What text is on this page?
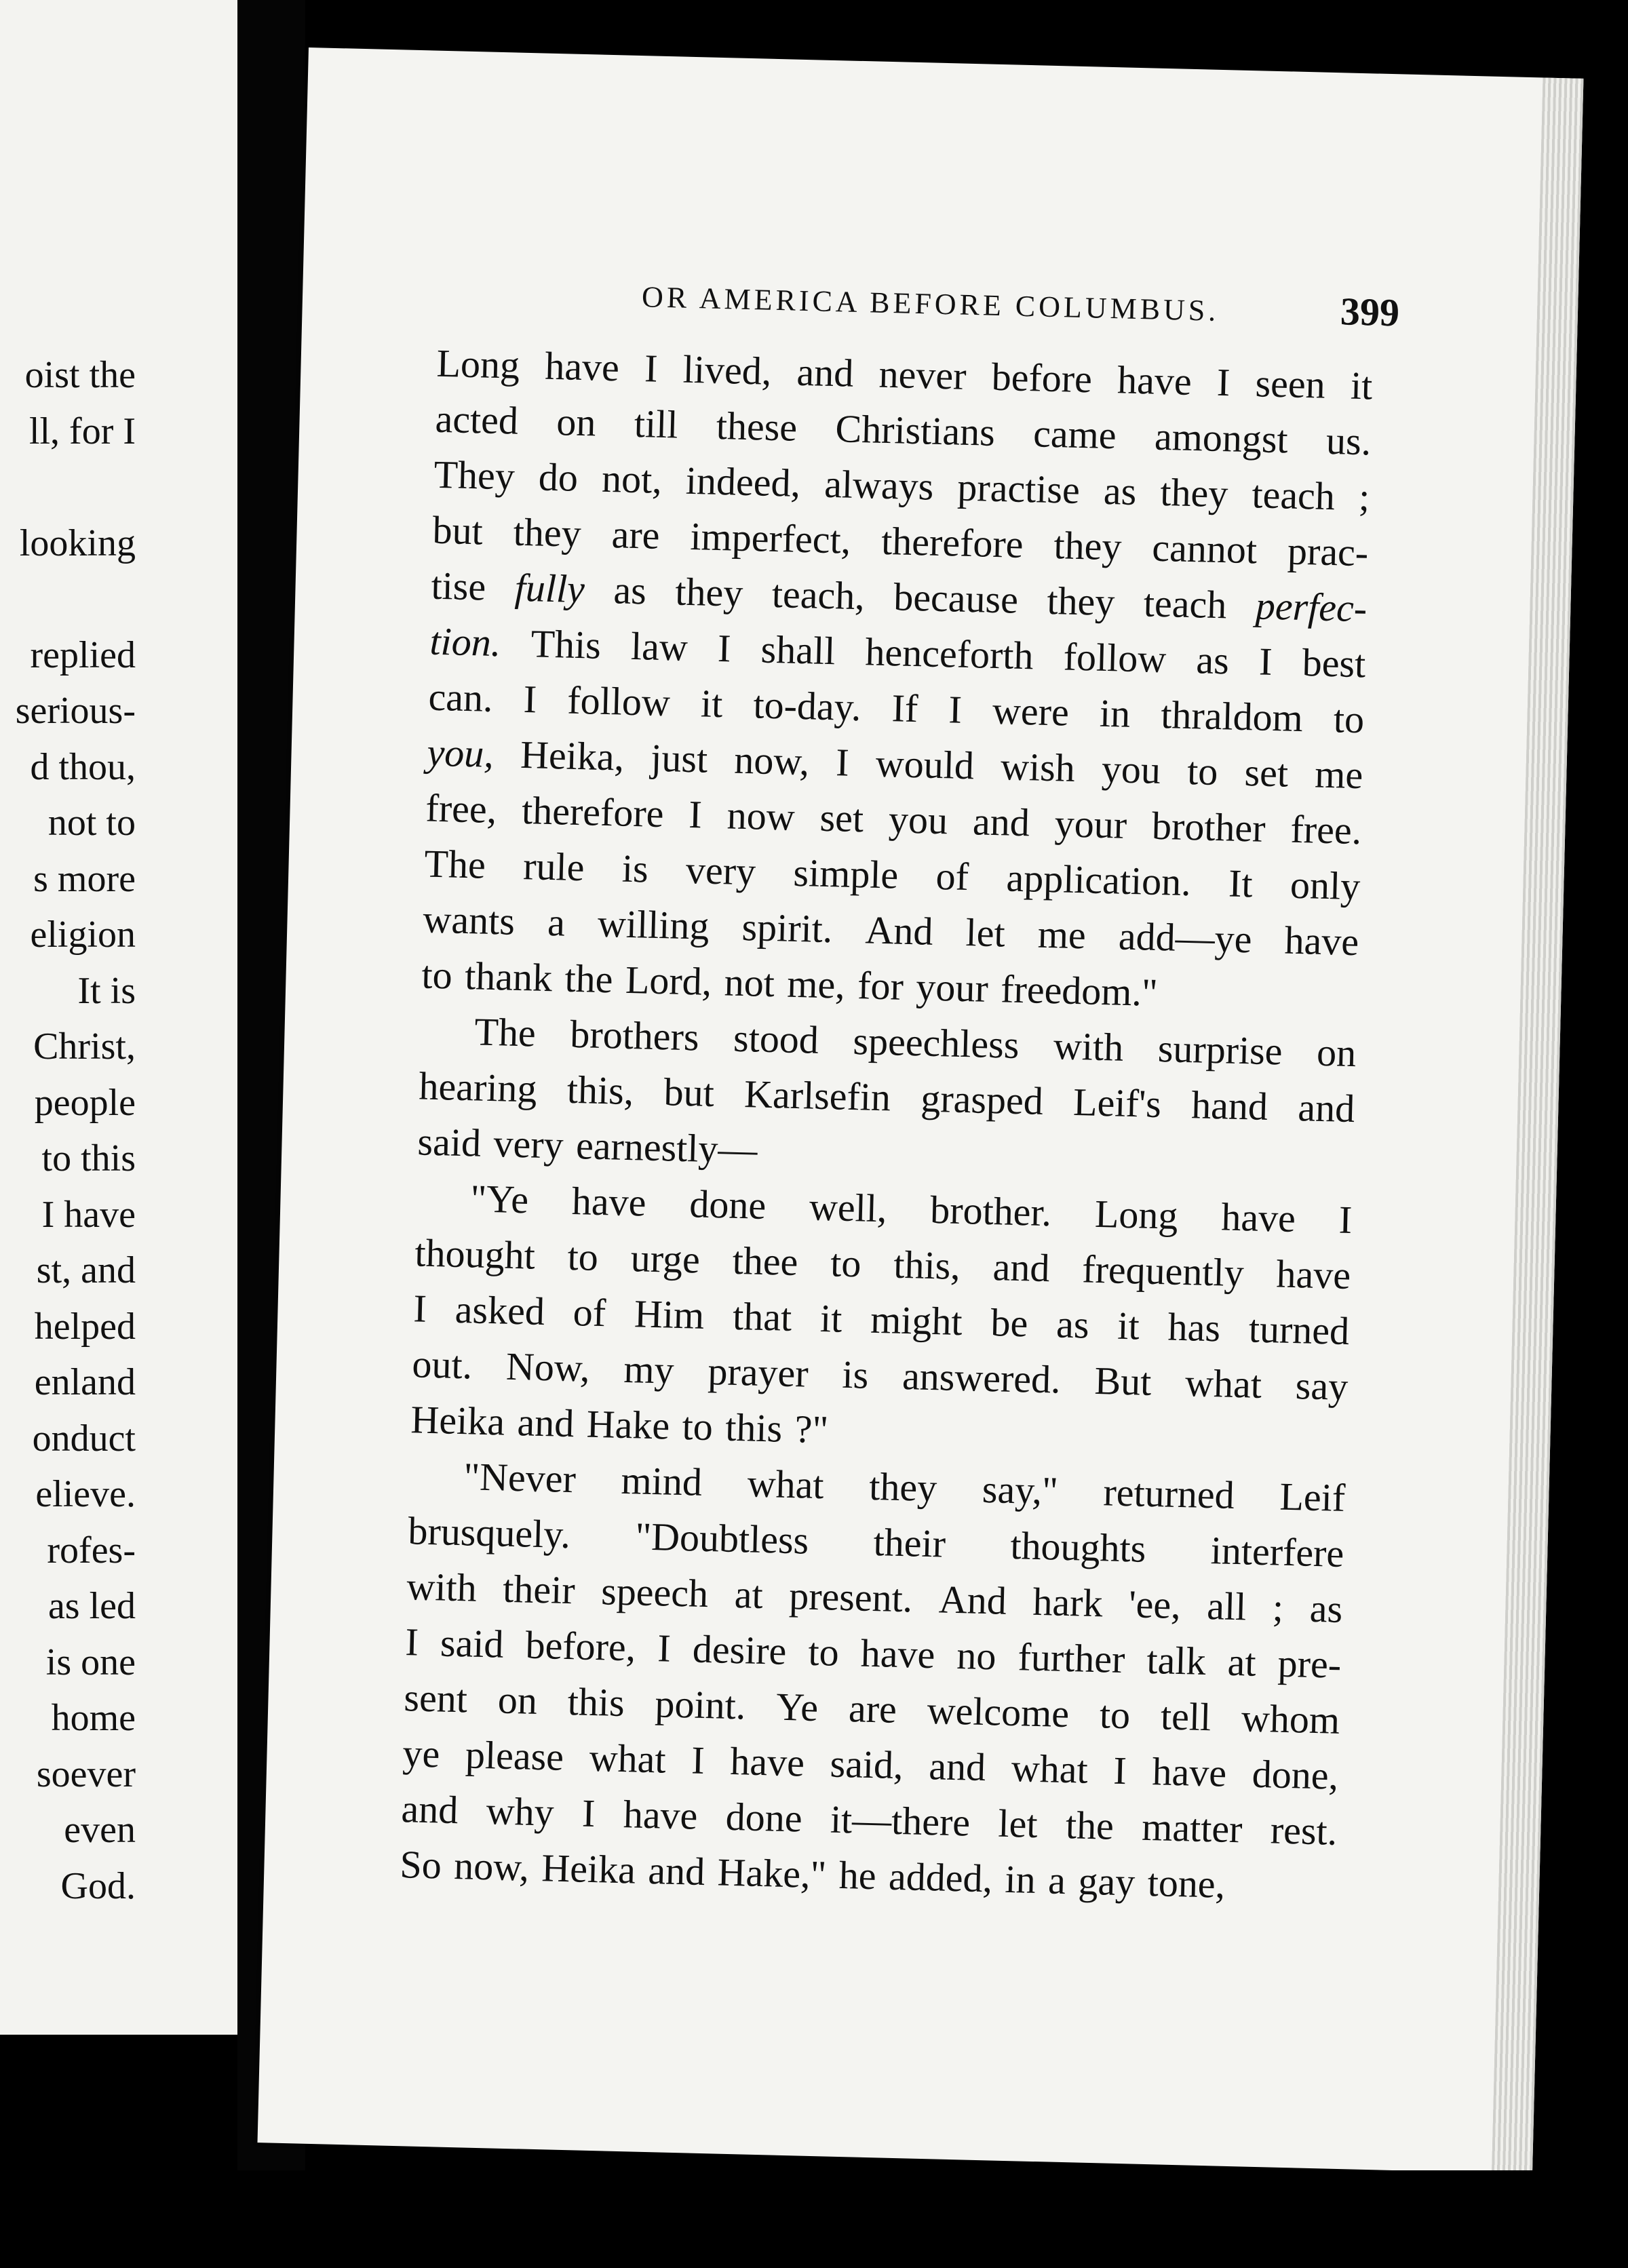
oist the
ll, for I
looking
replied
serious-
d thou,
not to
s more
eligion
It is
Christ,
people
to this
I have
st, and
helped
enland
onduct
elieve.
rofes-
as led
is one
home
soever
even
God.
OR AMERICA BEFORE COLUMBUS.	399
Long have I lived, and never before have I seen it
acted on till these Christians came amongst us.
They do not, indeed, always practise as they teach ;
but they are imperfect, therefore they cannot prac-
tise fully as they teach, because they teach perfec-
tion. This law I shall henceforth follow as I best
can. I follow it to-day. If I were in thraldom to
you, Heika, just now, I would wish you to set me
free, therefore I now set you and your brother free.
The rule is very simple of application. It only
wants a willing spirit. And let me add—ye have
to thank the Lord, not me, for your freedom."
The brothers stood speechless with surprise on
hearing this, but Karlsefin grasped Leif's hand and
said very earnestly—
"Ye have done well, brother. Long have I
thought to urge thee to this, and frequently have
I asked of Him that it might be as it has turned
out. Now, my prayer is answered. But what say
Heika and Hake to this ?"
"Never mind what they say," returned Leif
brusquely. "Doubtless their thoughts interfere
with their speech at present. And hark 'ee, all ; as
I said before, I desire to have no further talk at pre-
sent on this point. Ye are welcome to tell whom
ye please what I have said, and what I have done,
and why I have done it—there let the matter rest.
So now, Heika and Hake," he added, in a gay tone,
